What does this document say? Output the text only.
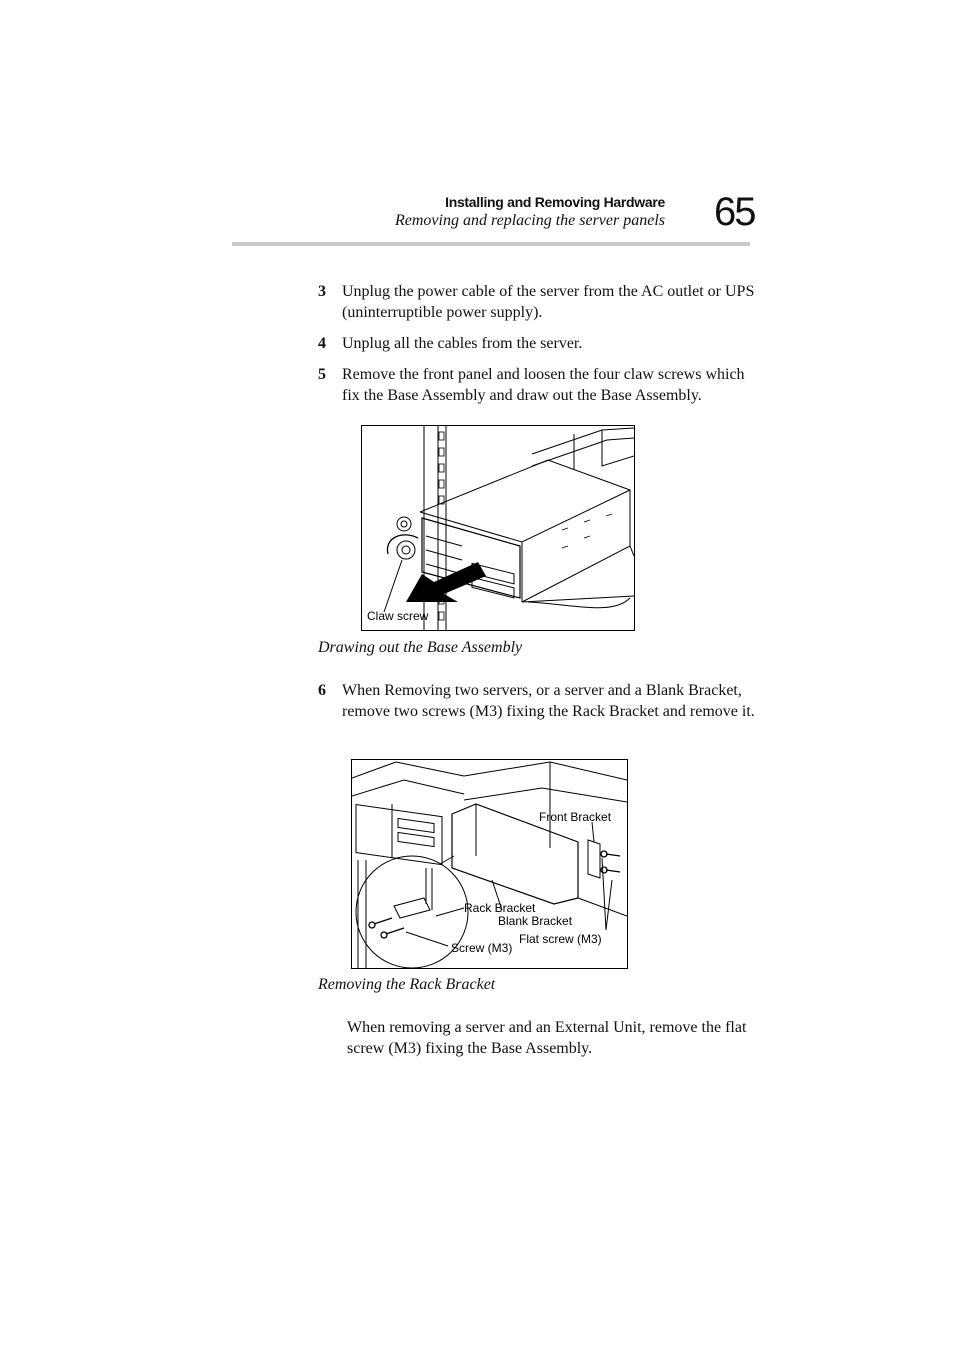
Installing and Removing Hardware
Removing and replacing the server panels 65
3 Unplug the power cable of the server from the AC outlet or UPS (uninterruptible power supply).
4 Unplug all the cables from the server.
5 Remove the front panel and loosen the four claw screws which fix the Base Assembly and draw out the Base Assembly.
Claw screw
Drawing out the Base Assembly
6 When Removing two servers, or a server and a Blank Bracket, remove two screws (M3) fixing the Rack Bracket and remove it.
Front Bracket
Rack Bracket
Blank Bracket
Flat screw (M3)
Screw (M3)
Removing the Rack Bracket
When removing a server and an External Unit, remove the flat screw (M3) fixing the Base Assembly.
